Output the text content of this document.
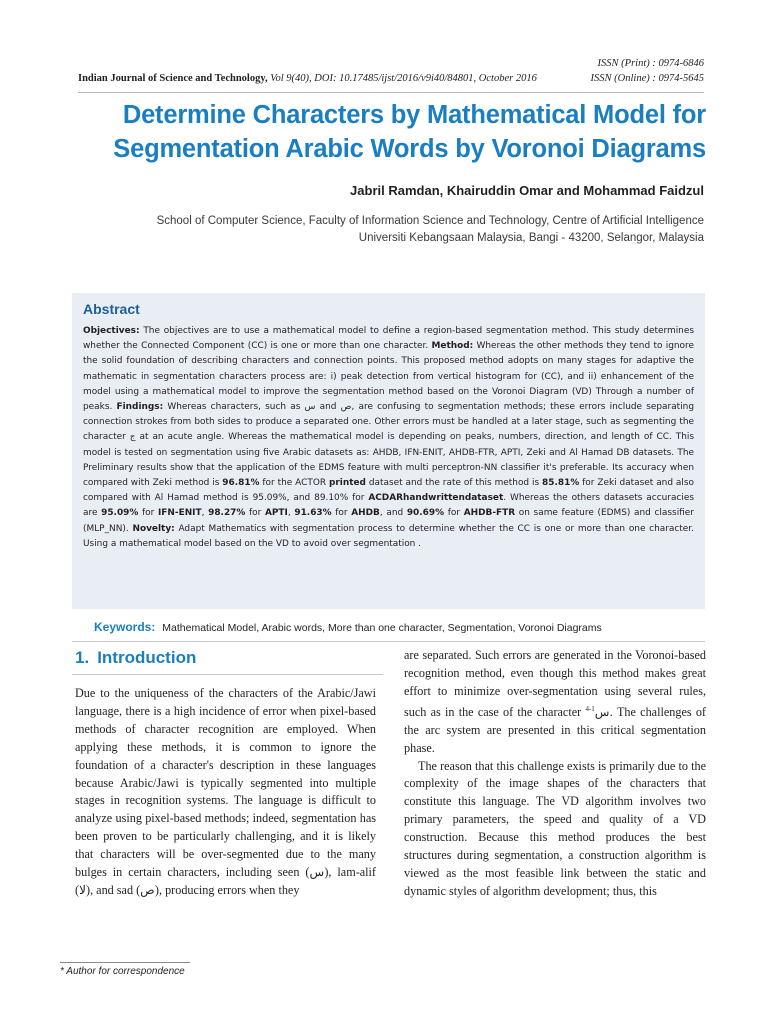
Indian Journal of Science and Technology, Vol 9(40), DOI: 10.17485/ijst/2016/v9i40/84801, October 2016
ISSN (Print) : 0974-6846
ISSN (Online) : 0974-5645
Determine Characters by Mathematical Model for
Segmentation Arabic Words by Voronoi Diagrams
Jabril Ramdan, Khairuddin Omar and Mohammad Faidzul
School of Computer Science, Faculty of Information Science and Technology, Centre of Artificial Intelligence
Universiti Kebangsaan Malaysia, Bangi - 43200, Selangor, Malaysia
Abstract
Objectives: The objectives are to use a mathematical model to define a region-based segmentation method. This study determines whether the Connected Component (CC) is one or more than one character. Method: Whereas the other methods they tend to ignore the solid foundation of describing characters and connection points. This proposed method adopts on many stages for adaptive the mathematic in segmentation characters process are: i) peak detection from vertical histogram for (CC), and ii) enhancement of the model using a mathematical model to improve the segmentation method based on the Voronoi Diagram (VD) Through a number of peaks. Findings: Whereas characters, such as س and ص, are confusing to segmentation methods; these errors include separating connection strokes from both sides to produce a separated one. Other errors must be handled at a later stage, such as segmenting the character ج at an acute angle. Whereas the mathematical model is depending on peaks, numbers, direction, and length of CC. This model is tested on segmentation using five Arabic datasets as: AHDB, IFN-ENIT, AHDB-FTR, APTI, Zeki and Al Hamad DB datasets. The Preliminary results show that the application of the EDMS feature with multi perceptron-NN classifier it's preferable. Its accuracy when compared with Zeki method is 96.81% for the ACTOR printed dataset and the rate of this method is 85.81% for Zeki dataset and also compared with Al Hamad method is 95.09%, and 89.10% for ACDARhandwrittendataset. Whereas the others datasets accuracies are 95.09% for IFN-ENIT, 98.27% for APTI, 91.63% for AHDB, and 90.69% for AHDB-FTR on same feature (EDMS) and classifier (MLP_NN). Novelty: Adapt Mathematics with segmentation process to determine whether the CC is one or more than one character. Using a mathematical model based on the VD to avoid over segmentation .
Keywords: Mathematical Model, Arabic words, More than one character, Segmentation, Voronoi Diagrams
1. Introduction

Due to the uniqueness of the characters of the Arabic/Jawi language, there is a high incidence of error when pixel-based methods of character recognition are employed. When applying these methods, it is common to ignore the foundation of a character's description in these languages because Arabic/Jawi is typically segmented into multiple stages in recognition systems. The language is difficult to analyze using pixel-based methods; indeed, segmentation has been proven to be particularly challenging, and it is likely that characters will be over-segmented due to the many bulges in certain characters, including seen (س), lam-alif (لا), and sad (ص), producing errors when they

are separated. Such errors are generated in the Voronoi-based recognition method, even though this method makes great effort to minimize over-segmentation using several rules, such as in the case of the character س$^{1-4}$ . The challenges of the arc system are presented in this critical segmentation phase.

The reason that this challenge exists is primarily due to the complexity of the image shapes of the characters that constitute this language. The VD algorithm involves two primary parameters, the speed and quality of a VD construction. Because this method produces the best structures during segmentation, a construction algorithm is viewed as the most feasible link between the static and dynamic styles of algorithm development; thus, this

* Author for correspondence
